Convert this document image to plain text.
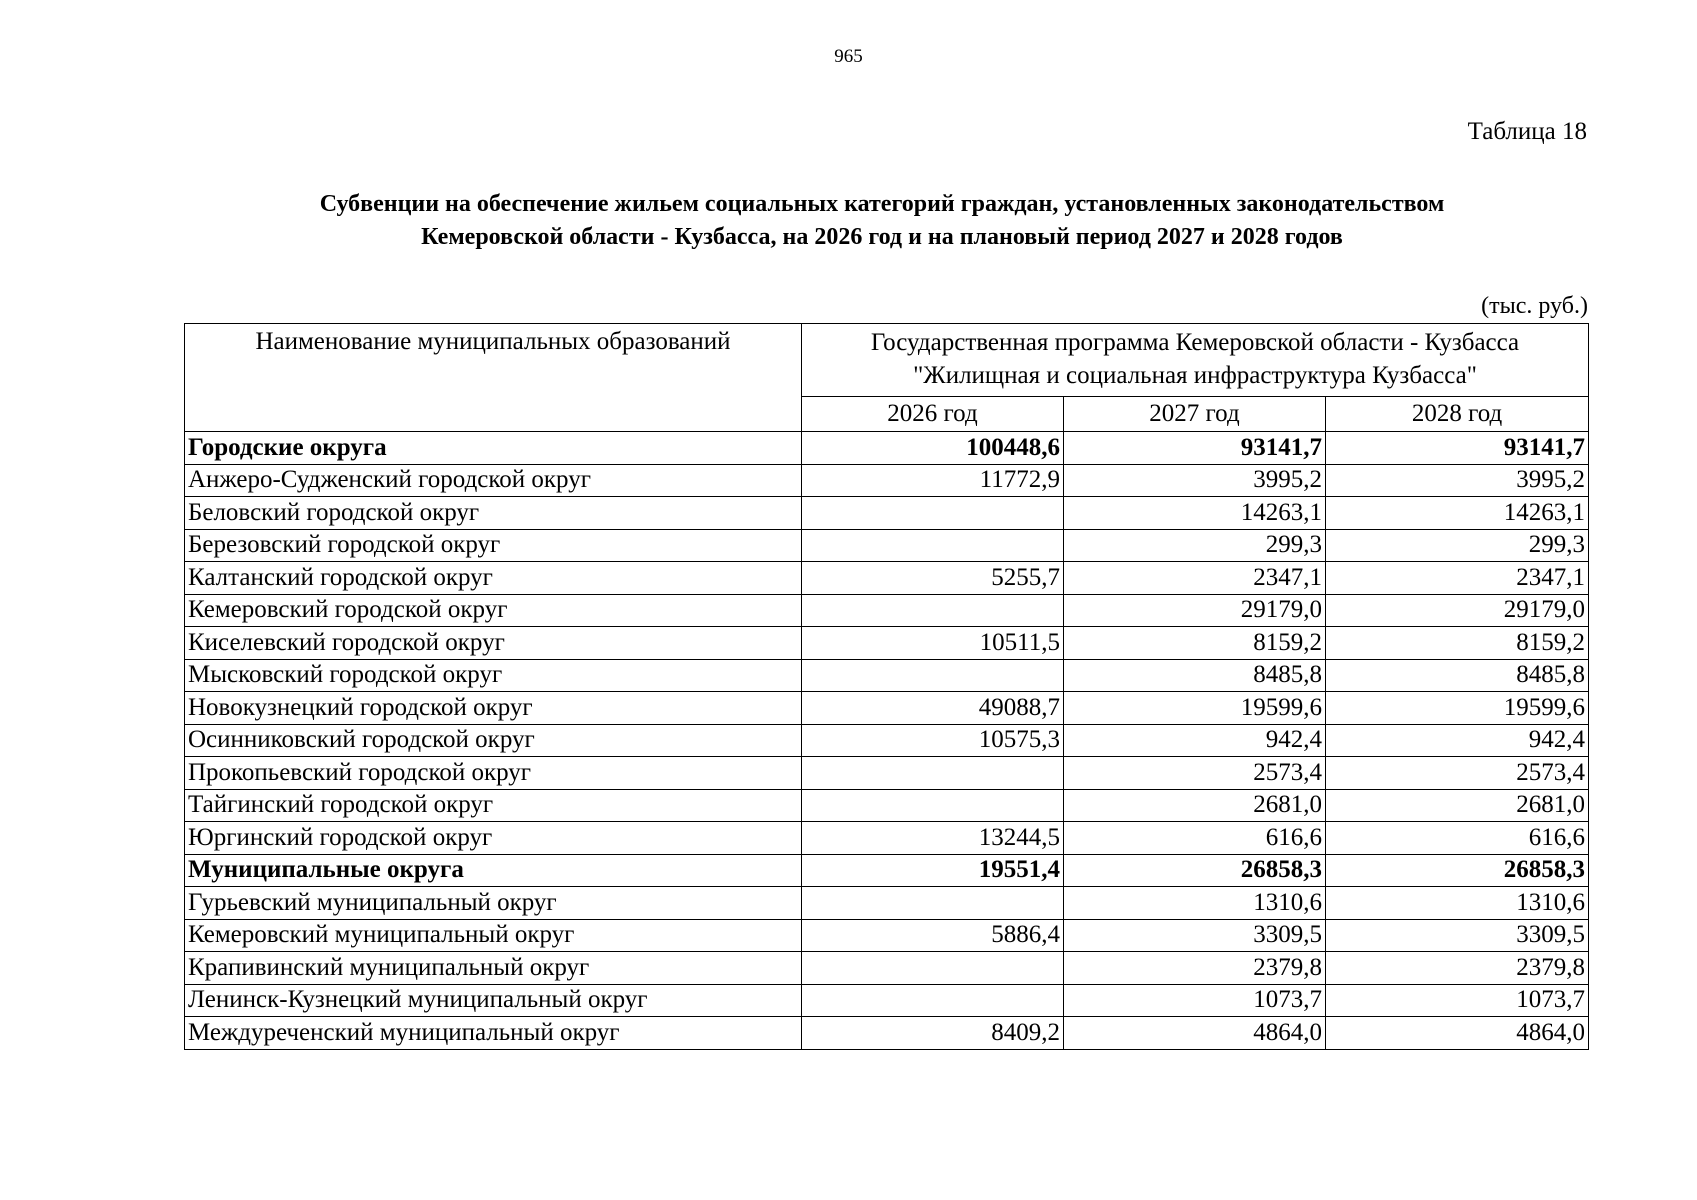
965
Таблица 18
Субвенции на обеспечение жильем социальных категорий граждан, установленных законодательством
Кемеровской области - Кузбасса, на 2026 год и на плановый период 2027 и 2028 годов
(тыс. руб.)
Наименование муниципальных образований	Государственная программа Кемеровской области - Кузбасса
"Жилищная и социальная инфраструктура Кузбасса"		

	2026 год	2027 год	2028 год
Городские округа	100448,6	93141,7	93141,7
Анжеро-Судженский городской округ	11772,9	3995,2	3995,2
Беловский городской округ		14263,1	14263,1
Березовский городской округ		299,3	299,3
Калтанский городской округ	5255,7	2347,1	2347,1
Кемеровский городской округ		29179,0	29179,0
Киселевский городской округ	10511,5	8159,2	8159,2
Мысковский городской округ		8485,8	8485,8
Новокузнецкий городской округ	49088,7	19599,6	19599,6
Осинниковский городской округ	10575,3	942,4	942,4
Прокопьевский городской округ		2573,4	2573,4
Тайгинский городской округ		2681,0	2681,0
Юргинский городской округ	13244,5	616,6	616,6
Муниципальные округа	19551,4	26858,3	26858,3
Гурьевский муниципальный округ		1310,6	1310,6
Кемеровский муниципальный округ	5886,4	3309,5	3309,5
Крапивинский муниципальный округ		2379,8	2379,8
Ленинск-Кузнецкий муниципальный округ		1073,7	1073,7
Междуреченский муниципальный округ	8409,2	4864,0	4864,0
